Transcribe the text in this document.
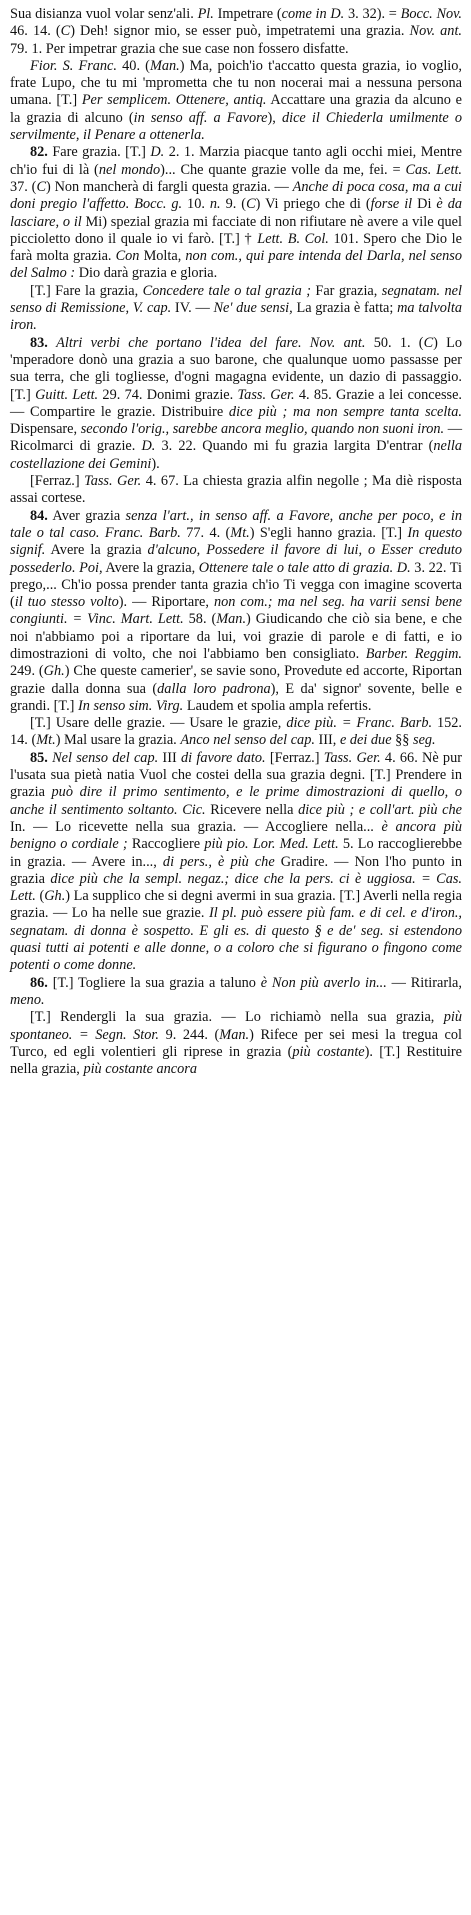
Sua disianza vuol volar senz'ali. Pl. Impetrare (come in D. 3. 32). = Bocc. Nov. 46. 14. (C) Deh! signor mio, se esser può, impetratemi una grazia. Nov. ant. 79. 1. Per impetrar grazia che sue case non fossero disfatte.
Fior. S. Franc. 40. (Man.) Ma, poich'io t'accatto questa grazia, io voglio, frate Lupo, che tu mi 'mprometta che tu non nocerai mai a nessuna persona umana. [T.] Per semplicem. Ottenere, antiq. Accattare una grazia da alcuno e la grazia di alcuno (in senso aff. a Favore), dice il Chiederla umilmente o servilmente, il Penare a ottenerla.
82. Fare grazia. [T.] D. 2. 1. Marzia piacque tanto agli occhi miei, Mentre ch'io fui di là (nel mondo)... Che quante grazie volle da me, fei. = Cas. Lett. 37. (C) Non mancherà di fargli questa grazia. — Anche di poca cosa, ma a cui doni pregio l'affetto. Bocc. g. 10. n. 9. (C) Vi priego che di (forse il Di è da lasciare, o il Mi) spezial grazia mi facciate di non rifiutare nè avere a vile quel piccioletto dono il quale io vi farò. [T.] † Lett. B. Col. 101. Spero che Dio le farà molta grazia. Con Molta, non com., qui pare intenda del Darla, nel senso del Salmo : Dio darà grazia e gloria.
[T.] Fare la grazia, Concedere tale o tal grazia ; Far grazia, segnatam. nel senso di Remissione, V. cap. IV. — Ne' due sensi, La grazia è fatta; ma talvolta iron.
83. Altri verbi che portano l'idea del fare. Nov. ant. 50. 1. (C) Lo 'mperadore donò una grazia a suo barone, che qualunque uomo passasse per sua terra, che gli togliesse, d'ogni magagna evidente, un dazio di passaggio. [T.] Guitt. Lett. 29. 74. Donimi grazie. Tass. Ger. 4. 85. Grazie a lei concesse. — Compartire le grazie. Distribuire dice più ; ma non sempre tanta scelta. Dispensare, secondo l'orig., sarebbe ancora meglio, quando non suoni iron. — Ricolmarci di grazie. D. 3. 22. Quando mi fu grazia largita D'entrar (nella costellazione dei Gemini).
[Ferraz.] Tass. Ger. 4. 67. La chiesta grazia alfin negolle ; Ma diè risposta assai cortese.
84. Aver grazia senza l'art., in senso aff. a Favore, anche per poco, e in tale o tal caso. Franc. Barb. 77. 4. (Mt.) S'egli hanno grazia. [T.] In questo signif. Avere la grazia d'alcuno, Possedere il favore di lui, o Esser creduto possederlo. Poi, Avere la grazia, Ottenere tale o tale atto di grazia. D. 3. 22. Ti prego,... Ch'io possa prender tanta grazia ch'io Ti vegga con imagine scoverta (il tuo stesso volto). — Riportare, non com.; ma nel seg. ha varii sensi bene congiunti. = Vinc. Mart. Lett. 58. (Man.) Giudicando che ciò sia bene, e che noi n'abbiamo poi a riportare da lui, voi grazie di parole e di fatti, e io dimostrazioni di volto, che noi l'abbiamo ben consigliato. Barber. Reggim. 249. (Gh.) Che queste camerier', se savie sono, Provedute ed accorte, Riportan grazie dalla donna sua (dalla loro padrona), E da' signor' sovente, belle e grandi. [T.] In senso sim. Virg. Laudem et spolia ampla refertis.
[T.] Usare delle grazie. — Usare le grazie, dice più. = Franc. Barb. 152. 14. (Mt.) Mal usare la grazia. Anco nel senso del cap. III, e dei due §§ seg.
85. Nel senso del cap. III di favore dato. [Ferraz.] Tass. Ger. 4. 66. Nè pur l'usata sua pietà natia Vuol che costei della sua grazia degni. [T.] Prendere in grazia può dire il primo sentimento, e le prime dimostrazioni di quello, o anche il sentimento soltanto. Cic. Ricevere nella dice più ; e coll'art. più che In. — Lo ricevette nella sua grazia. — Accogliere nella... è ancora più benigno o cordiale ; Raccogliere più pio. Lor. Med. Lett. 5. Lo raccoglierebbe in grazia. — Avere in..., di pers., è più che Gradire. — Non l'ho punto in grazia dice più che la sempl. negaz.; dice che la pers. ci è uggiosa. = Cas. Lett. (Gh.) La supplico che si degni avermi in sua grazia. [T.] Averli nella regia grazia. — Lo ha nelle sue grazie. Il pl. può essere più fam. e di cel. e d'iron., segnatam. di donna è sospetto. E gli es. di questo § e de' seg. si estendono quasi tutti ai potenti e alle donne, o a coloro che si figurano o fingono come potenti o come donne.
86. [T.] Togliere la sua grazia a taluno è Non più averlo in... — Ritirarla, meno.
[T.] Rendergli la sua grazia. — Lo richiamò nella sua grazia, più spontaneo. = Segn. Stor. 9. 244. (Man.) Rifece per sei mesi la tregua col Turco, ed egli volentieri gli riprese in grazia (più costante). [T.] Restituire nella grazia, più costante ancora
